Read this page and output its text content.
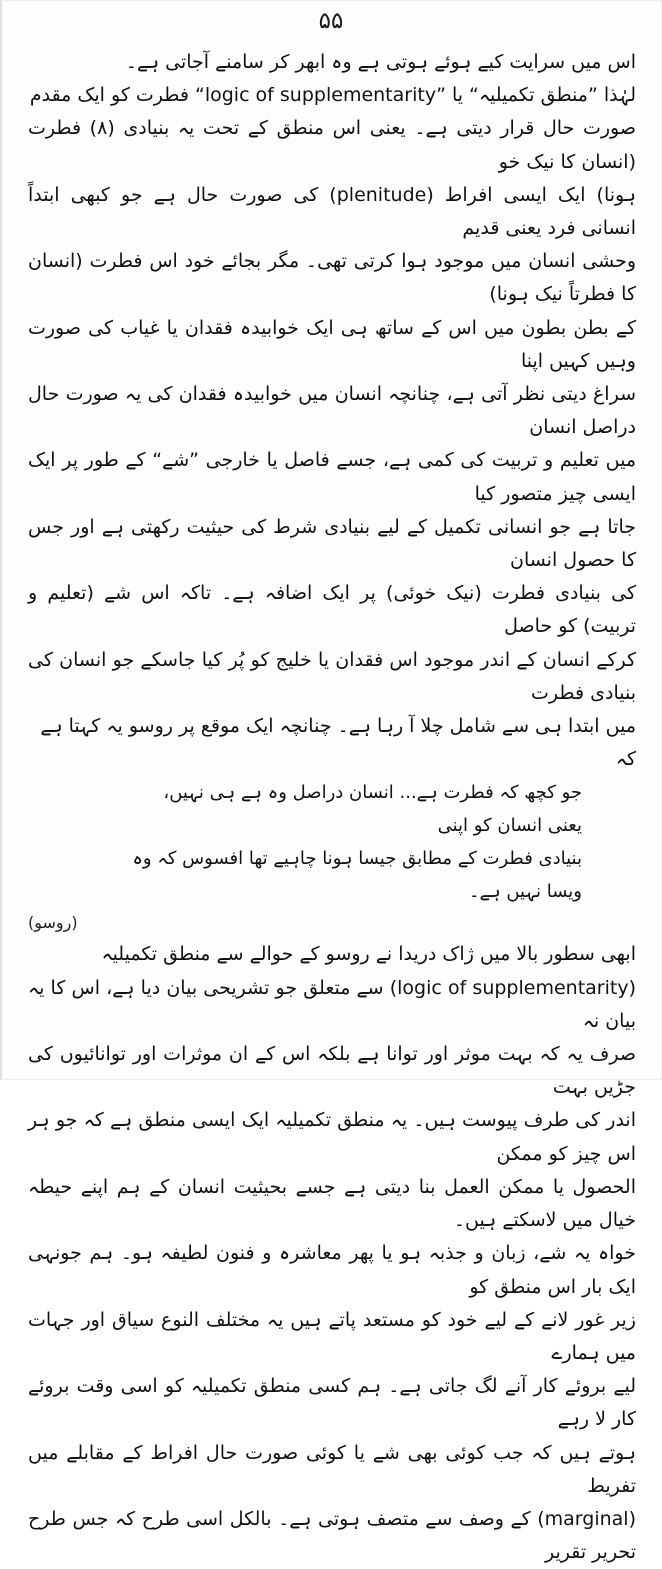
۵۵

اس میں سرایت کیے ہوئے ہوتی ہے وہ ابھر کر سامنے آجاتی ہے۔

لہٰذا ”منطق تکمیلیہ“ یا ”logic of supplementarity“ فطرت کو ایک مقدم

صورت حال قرار دیتی ہے۔ یعنی اس منطق کے تحت یہ بنیادی (۸) فطرت (انسان کا نیک خو

ہونا) ایک ایسی افراط (plenitude) کی صورت حال ہے جو کبھی ابتداً انسانی فرد یعنی قدیم

وحشی انسان میں موجود ہوا کرتی تھی۔ مگر بجائے خود اس فطرت (انسان کا فطرتاً نیک ہونا)

کے بطن بطون میں اس کے ساتھ ہی ایک خوابیدہ فقدان یا غیاب کی صورت وہیں کہیں اپنا

سراغ دیتی نظر آتی ہے، چنانچہ انسان میں خوابیدہ فقدان کی یہ صورت حال دراصل انسان

میں تعلیم و تربیت کی کمی ہے، جسے فاصل یا خارجی ”شے“ کے طور پر ایک ایسی چیز متصور کیا

جاتا ہے جو انسانی تکمیل کے لیے بنیادی شرط کی حیثیت رکھتی ہے اور جس کا حصول انسان

کی بنیادی فطرت (نیک خوئی) پر ایک اضافہ ہے۔ تاکہ اس شے (تعلیم و تربیت) کو حاصل

کرکے انسان کے اندر موجود اس فقدان یا خلیج کو پُر کیا جاسکے جو انسان کی بنیادی فطرت

میں ابتدا ہی سے شامل چلا آ رہا ہے۔ چنانچہ ایک موقع پر روسو یہ کہتا ہے کہ

جو کچھ کہ فطرت ہے... انسان دراصل وہ ہے ہی نہیں، یعنی انسان کو اپنی

بنیادی فطرت کے مطابق جیسا ہونا چاہیے تھا افسوس کہ وہ ویسا نہیں ہے۔

(روسو)

ابھی سطور بالا میں ژاک دریدا نے روسو کے حوالے سے منطق تکمیلیہ

(logic of supplementarity) سے متعلق جو تشریحی بیان دیا ہے، اس کا یہ بیان نہ

صرف یہ کہ بہت موثر اور توانا ہے بلکہ اس کے ان موثرات اور توانائیوں کی جڑیں بہت

اندر کی طرف پیوست ہیں۔ یہ منطق تکمیلیہ ایک ایسی منطق ہے کہ جو ہر اس چیز کو ممکن

الحصول یا ممکن العمل بنا دیتی ہے جسے بحیثیت انسان کے ہم اپنے حیطہ خیال میں لاسکتے ہیں۔

خواہ یہ شے، زبان و جذبہ ہو یا پھر معاشرہ و فنون لطیفہ ہو۔ ہم جونہی ایک بار اس منطق کو

زیر غور لانے کے لیے خود کو مستعد پاتے ہیں یہ مختلف النوع سیاق اور جہات میں ہمارے

لیے بروئے کار آنے لگ جاتی ہے۔ ہم کسی منطق تکمیلیہ کو اسی وقت بروئے کار لا رہے

ہوتے ہیں کہ جب کوئی بھی شے یا کوئی صورت حال افراط کے مقابلے میں تفریط

(marginal) کے وصف سے متصف ہوتی ہے۔ بالکل اسی طرح کہ جس طرح تحریر تقریر
